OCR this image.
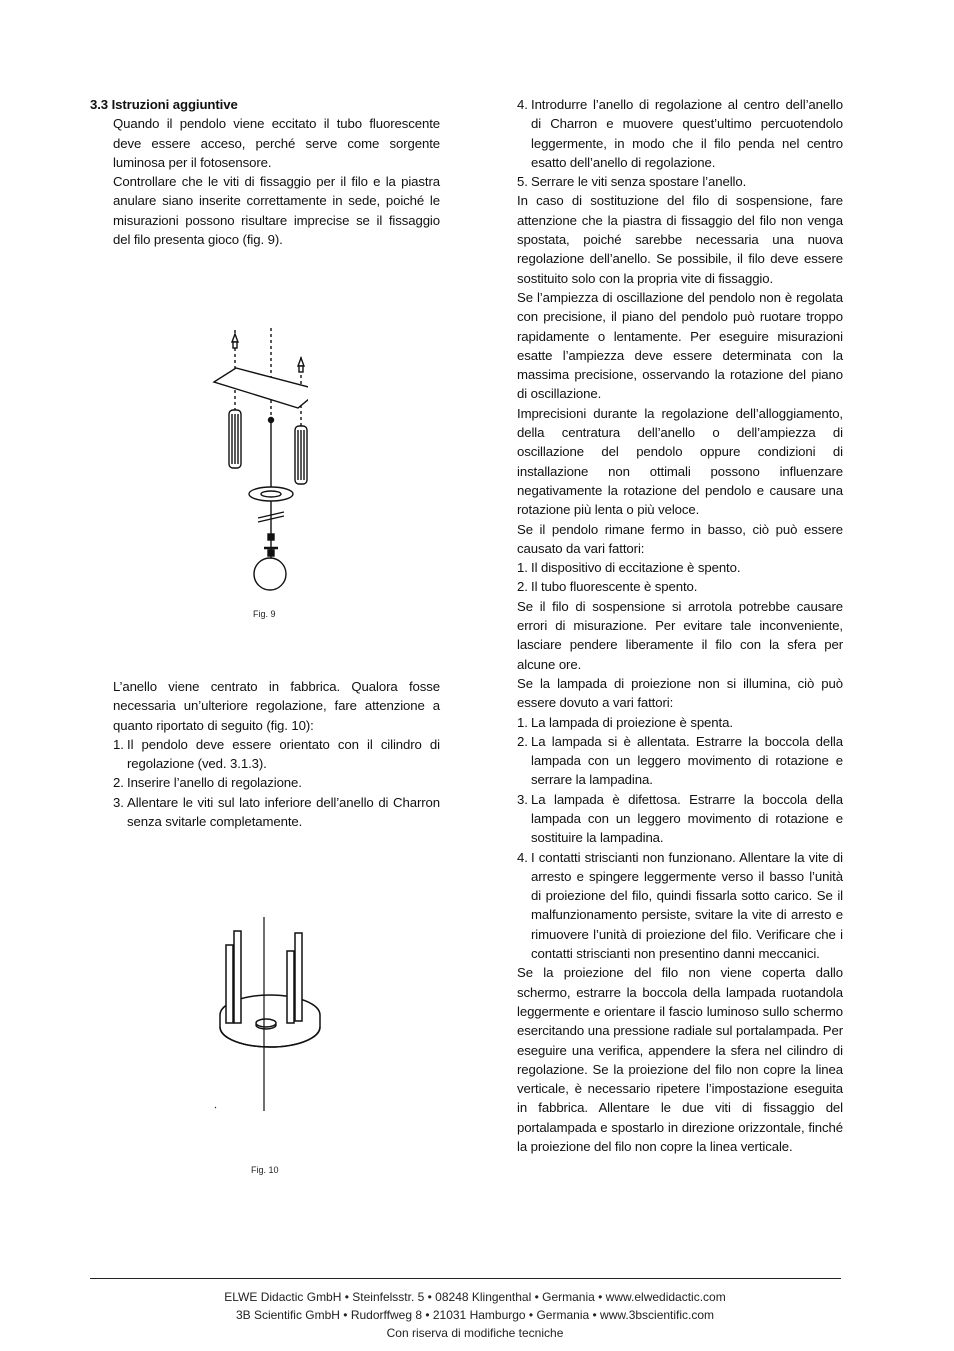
3.3 Istruzioni aggiuntive

Quando il pendolo viene eccitato il tubo fluorescente deve essere acceso, perché serve come sorgente luminosa per il fotosensore.

Controllare che le viti di fissaggio per il filo e la piastra anulare siano inserite correttamente in sede, poiché le misurazioni possono risultare imprecise se il fissaggio del filo presenta gioco (fig. 9).

Fig. 9

L’anello viene centrato in fabbrica. Qualora fosse necessaria un’ulteriore regolazione, fare attenzione a quanto riportato di seguito (fig. 10):

1. Il pendolo deve essere orientato con il cilindro di regolazione (ved. 3.1.3).
2. Inserire l’anello di regolazione.
3. Allentare le viti sul lato inferiore dell’anello di Charron senza svitarle completamente.
Fig. 10
4. Introdurre l’anello di regolazione al centro dell’anello di Charron e muovere quest’ultimo percuotendolo leggermente, in modo che il filo penda nel centro esatto dell’anello di regolazione.
5. Serrare le viti senza spostare l’anello.

In caso di sostituzione del filo di sospensione, fare attenzione che la piastra di fissaggio del filo non venga spostata, poiché sarebbe necessaria una nuova regolazione dell’anello. Se possibile, il filo deve essere sostituito solo con la propria vite di fissaggio.

Se l’ampiezza di oscillazione del pendolo non è regolata con precisione, il piano del pendolo può ruotare troppo rapidamente o lentamente. Per eseguire misurazioni esatte l’ampiezza deve essere determinata con la massima precisione, osservando la rotazione del piano di oscillazione.

Imprecisioni durante la regolazione dell’alloggiamento, della centratura dell’anello o dell’ampiezza di oscillazione del pendolo oppure condizioni di installazione non ottimali possono influenzare negativamente la rotazione del pendolo e causare una rotazione più lenta o più veloce.

Se il pendolo rimane fermo in basso, ciò può essere causato da vari fattori:

1. Il dispositivo di eccitazione è spento.
2. Il tubo fluorescente è spento.

Se il filo di sospensione si arrotola potrebbe causare errori di misurazione. Per evitare tale inconveniente, lasciare pendere liberamente il filo con la sfera per alcune ore.

Se la lampada di proiezione non si illumina, ciò può essere dovuto a vari fattori:

1. La lampada di proiezione è spenta.
2. La lampada si è allentata. Estrarre la boccola della lampada con un leggero movimento di rotazione e serrare la lampadina.
3. La lampada è difettosa. Estrarre la boccola della lampada con un leggero movimento di rotazione e sostituire la lampadina.
4. I contatti striscianti non funzionano. Allentare la vite di arresto e spingere leggermente verso il basso l’unità di proiezione del filo, quindi fissarla sotto carico. Se il malfunzionamento persiste, svitare la vite di arresto e rimuovere l’unità di proiezione del filo. Verificare che i contatti striscianti non presentino danni meccanici.

Se la proiezione del filo non viene coperta dallo schermo, estrarre la boccola della lampada ruotandola leggermente e orientare il fascio luminoso sullo schermo esercitando una pressione radiale sul portalampada. Per eseguire una verifica, appendere la sfera nel cilindro di regolazione. Se la proiezione del filo non copre la linea verticale, è necessario ripetere l’impostazione eseguita in fabbrica. Allentare le due viti di fissaggio del portalampada e spostarlo in direzione orizzontale, finché la proiezione del filo non copre la linea verticale.

ELWE Didactic GmbH • Steinfelsstr. 5 • 08248 Klingenthal • Germania • www.elwedidactic.com
3B Scientific GmbH • Rudorffweg 8 • 21031 Hamburgo • Germania • www.3bscientific.com
Con riserva di modifiche tecniche
